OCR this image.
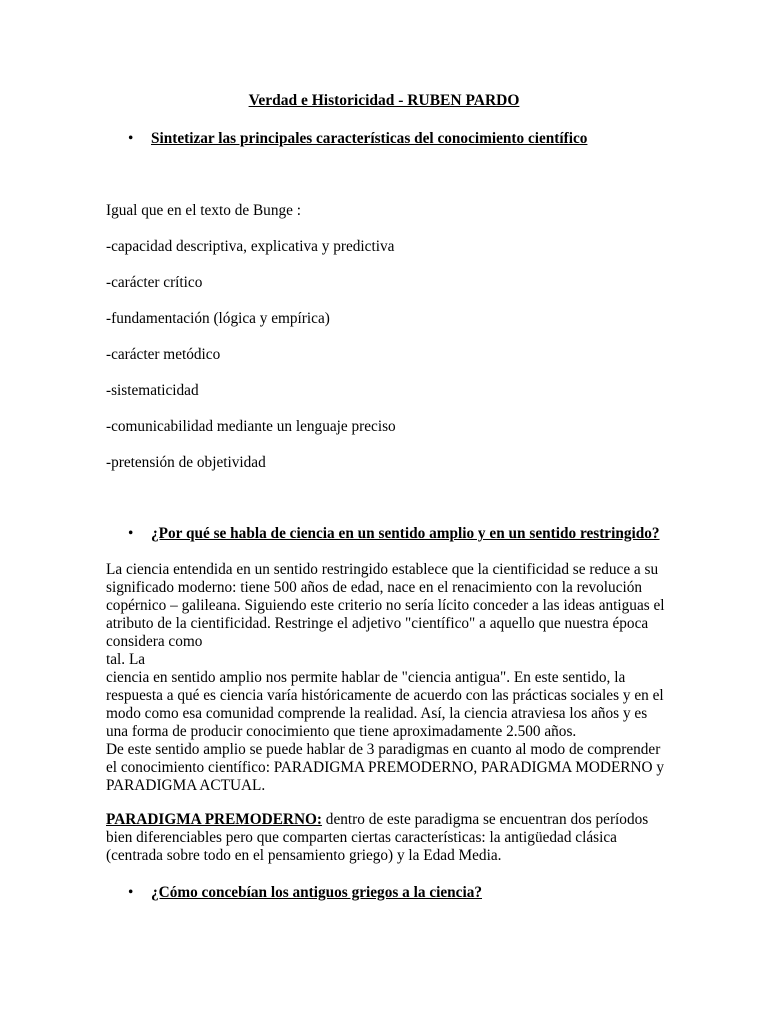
Verdad e Historicidad - RUBEN PARDO

• Sintetizar las principales características del conocimiento científico

Igual que en el texto de Bunge :

-capacidad descriptiva, explicativa y predictiva

-carácter crítico

-fundamentación (lógica y empírica)

-carácter metódico

-sistematicidad

-comunicabilidad mediante un lenguaje preciso

-pretensión de objetividad

• ¿Por qué se habla de ciencia en un sentido amplio y en un sentido restringido?

La ciencia entendida en un sentido restringido establece que la cientificidad se reduce a su
significado moderno: tiene 500 años de edad, nace en el renacimiento con la revolución
copérnico – galileana. Siguiendo este criterio no sería lícito conceder a las ideas antiguas el
atributo de la cientificidad. Restringe el adjetivo "científico" a aquello que nuestra época
considera como
tal. La
ciencia en sentido amplio nos permite hablar de "ciencia antigua". En este sentido, la
respuesta a qué es ciencia varía históricamente de acuerdo con las prácticas sociales y en el
modo como esa comunidad comprende la realidad. Así, la ciencia atraviesa los años y es
una forma de producir conocimiento que tiene aproximadamente 2.500 años.
De este sentido amplio se puede hablar de 3 paradigmas en cuanto al modo de comprender
el conocimiento científico: PARADIGMA PREMODERNO, PARADIGMA MODERNO y
PARADIGMA ACTUAL.
PARADIGMA PREMODERNO: dentro de este paradigma se encuentran dos períodos
bien diferenciables pero que comparten ciertas características: la antigüedad clásica
(centrada sobre todo en el pensamiento griego) y la Edad Media.

• ¿Cómo concebían los antiguos griegos a la ciencia?
